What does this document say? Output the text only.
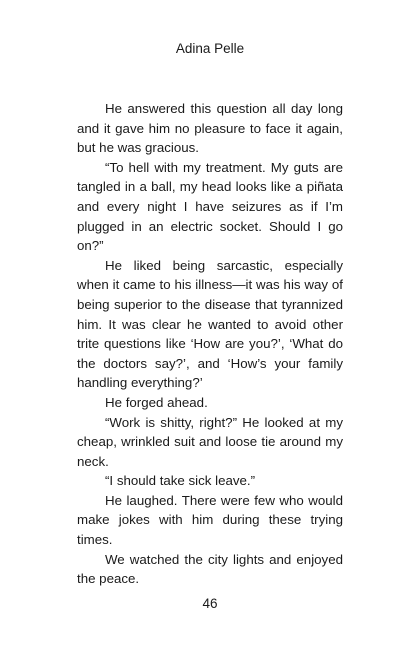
Adina Pelle

He answered this question all day long and it gave him no pleasure to face it again, but he was gracious.

“To hell with my treatment. My guts are tangled in a ball, my head looks like a piñata and every night I have seizures as if I’m plugged in an electric socket. Should I go on?”

He liked being sarcastic, especially when it came to his illness—it was his way of being superior to the disease that tyrannized him. It was clear he wanted to avoid other trite questions like ‘How are you?’, ‘What do the doctors say?’, and ‘How’s your family handling everything?’

He forged ahead.

“Work is shitty, right?” He looked at my cheap, wrinkled suit and loose tie around my neck.

“I should take sick leave.”

He laughed. There were few who would make jokes with him during these trying times.

We watched the city lights and enjoyed the peace.

46
